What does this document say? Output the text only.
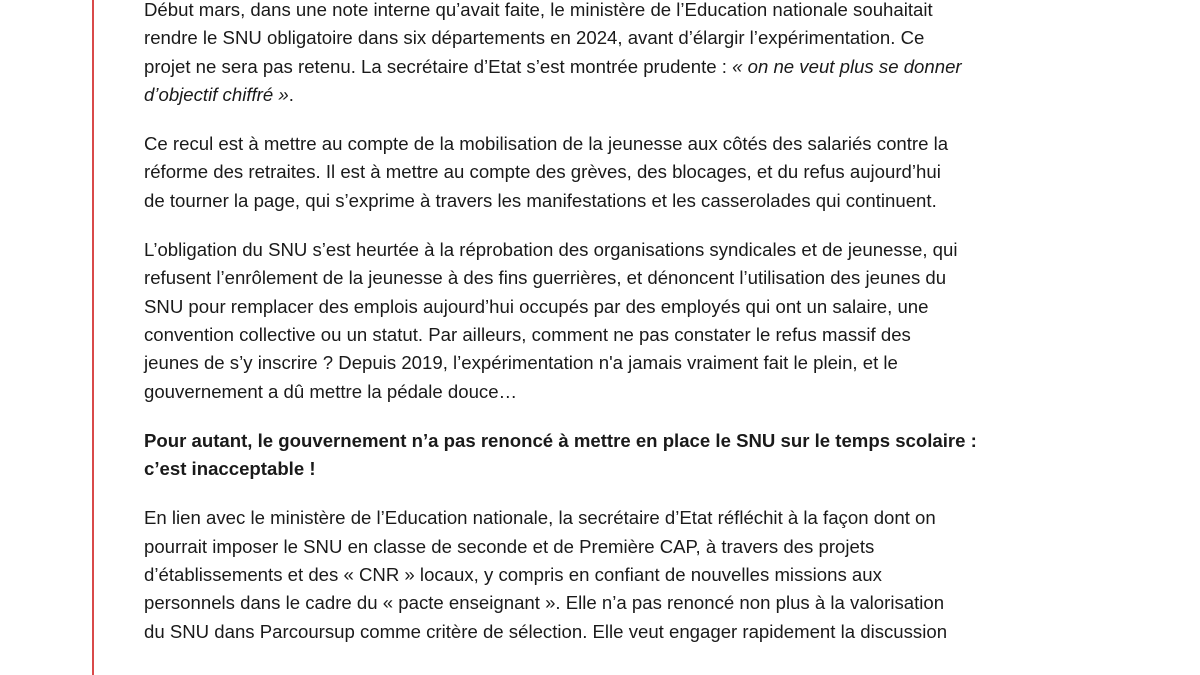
Début mars, dans une note interne qu’avait faite, le ministère de l’Education nationale souhaitait
rendre le SNU obligatoire dans six départements en 2024, avant d’élargir l’expérimentation. Ce
projet ne sera pas retenu. La secrétaire d’Etat s’est montrée prudente : « on ne veut plus se donner
d’objectif chiffré ».

Ce recul est à mettre au compte de la mobilisation de la jeunesse aux côtés des salariés contre la
réforme des retraites. Il est à mettre au compte des grèves, des blocages, et du refus aujourd’hui
de tourner la page, qui s’exprime à travers les manifestations et les casserolades qui continuent.

L’obligation du SNU s’est heurtée à la réprobation des organisations syndicales et de jeunesse, qui
refusent l’enrôlement de la jeunesse à des fins guerrières, et dénoncent l’utilisation des jeunes du
SNU pour remplacer des emplois aujourd’hui occupés par des employés qui ont un salaire, une
convention collective ou un statut. Par ailleurs, comment ne pas constater le refus massif des
jeunes de s’y inscrire ? Depuis 2019, l’expérimentation n'a jamais vraiment fait le plein, et le
gouvernement a dû mettre la pédale douce…

Pour autant, le gouvernement n’a pas renoncé à mettre en place le SNU sur le temps scolaire :
c’est inacceptable !

En lien avec le ministère de l’Education nationale, la secrétaire d’Etat réfléchit à la façon dont on
pourrait imposer le SNU en classe de seconde et de Première CAP, à travers des projets
d’établissements et des « CNR » locaux, y compris en confiant de nouvelles missions aux
personnels dans le cadre du « pacte enseignant ». Elle n’a pas renoncé non plus à la valorisation
du SNU dans Parcoursup comme critère de sélection. Elle veut engager rapidement la discussion
